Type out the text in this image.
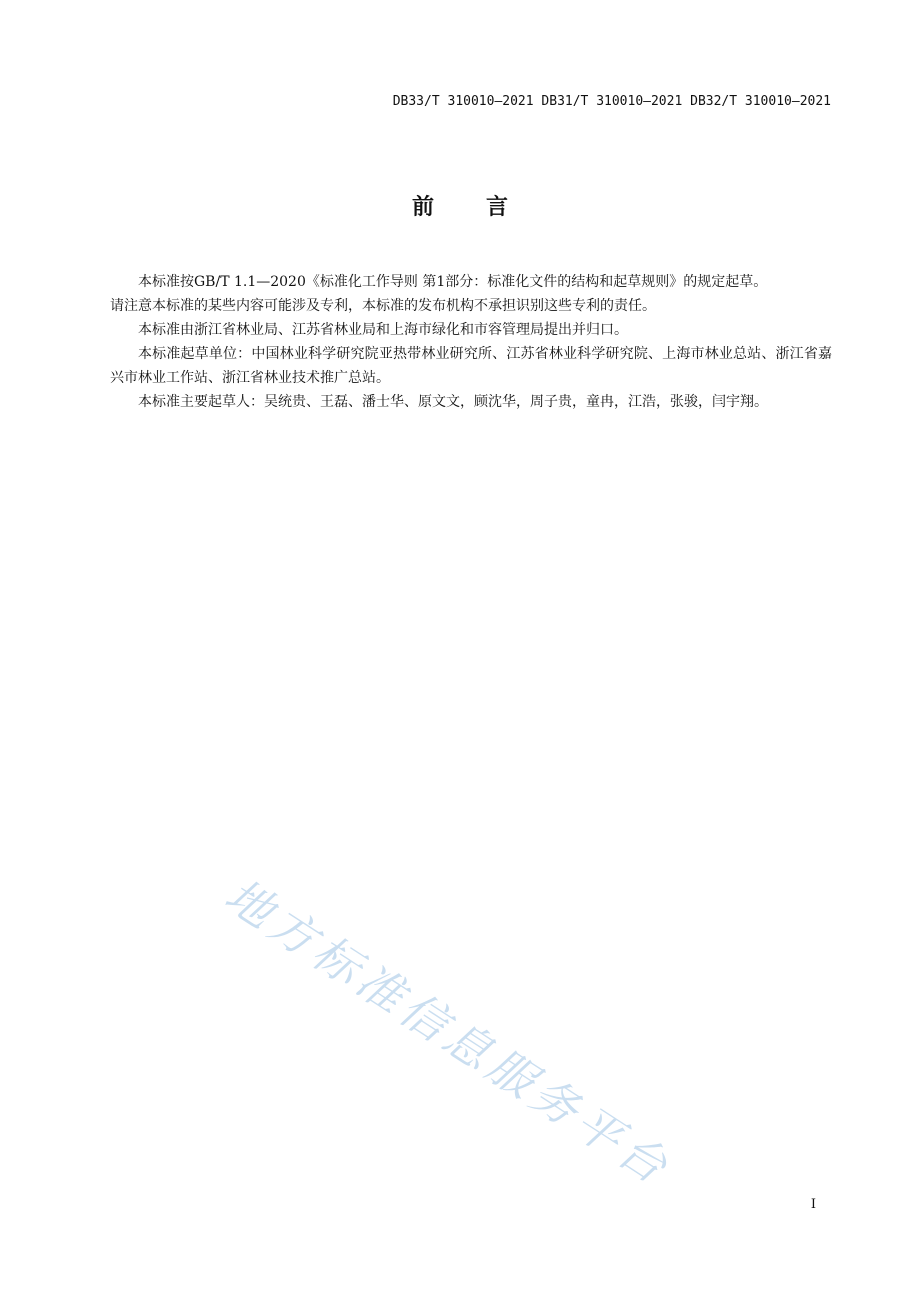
DB33/T 310010—2021 DB31/T 310010—2021 DB32/T 310010—2021
前言

本标准按GB/T 1.1—2020《标准化工作导则 第1部分：标准化文件的结构和起草规则》的规定起草。

请注意本标准的某些内容可能涉及专利，本标准的发布机构不承担识别这些专利的责任。

本标准由浙江省林业局、江苏省林业局和上海市绿化和市容管理局提出并归口。

本标准起草单位：中国林业科学研究院亚热带林业研究所、江苏省林业科学研究院、上海市林业总站、浙江省嘉兴市林业工作站、浙江省林业技术推广总站。

本标准主要起草人：吴统贵、王磊、潘士华、原文文，顾沈华，周子贵，童冉，江浩，张骏，闫宇翔。

地方标准信息服务平台
I
